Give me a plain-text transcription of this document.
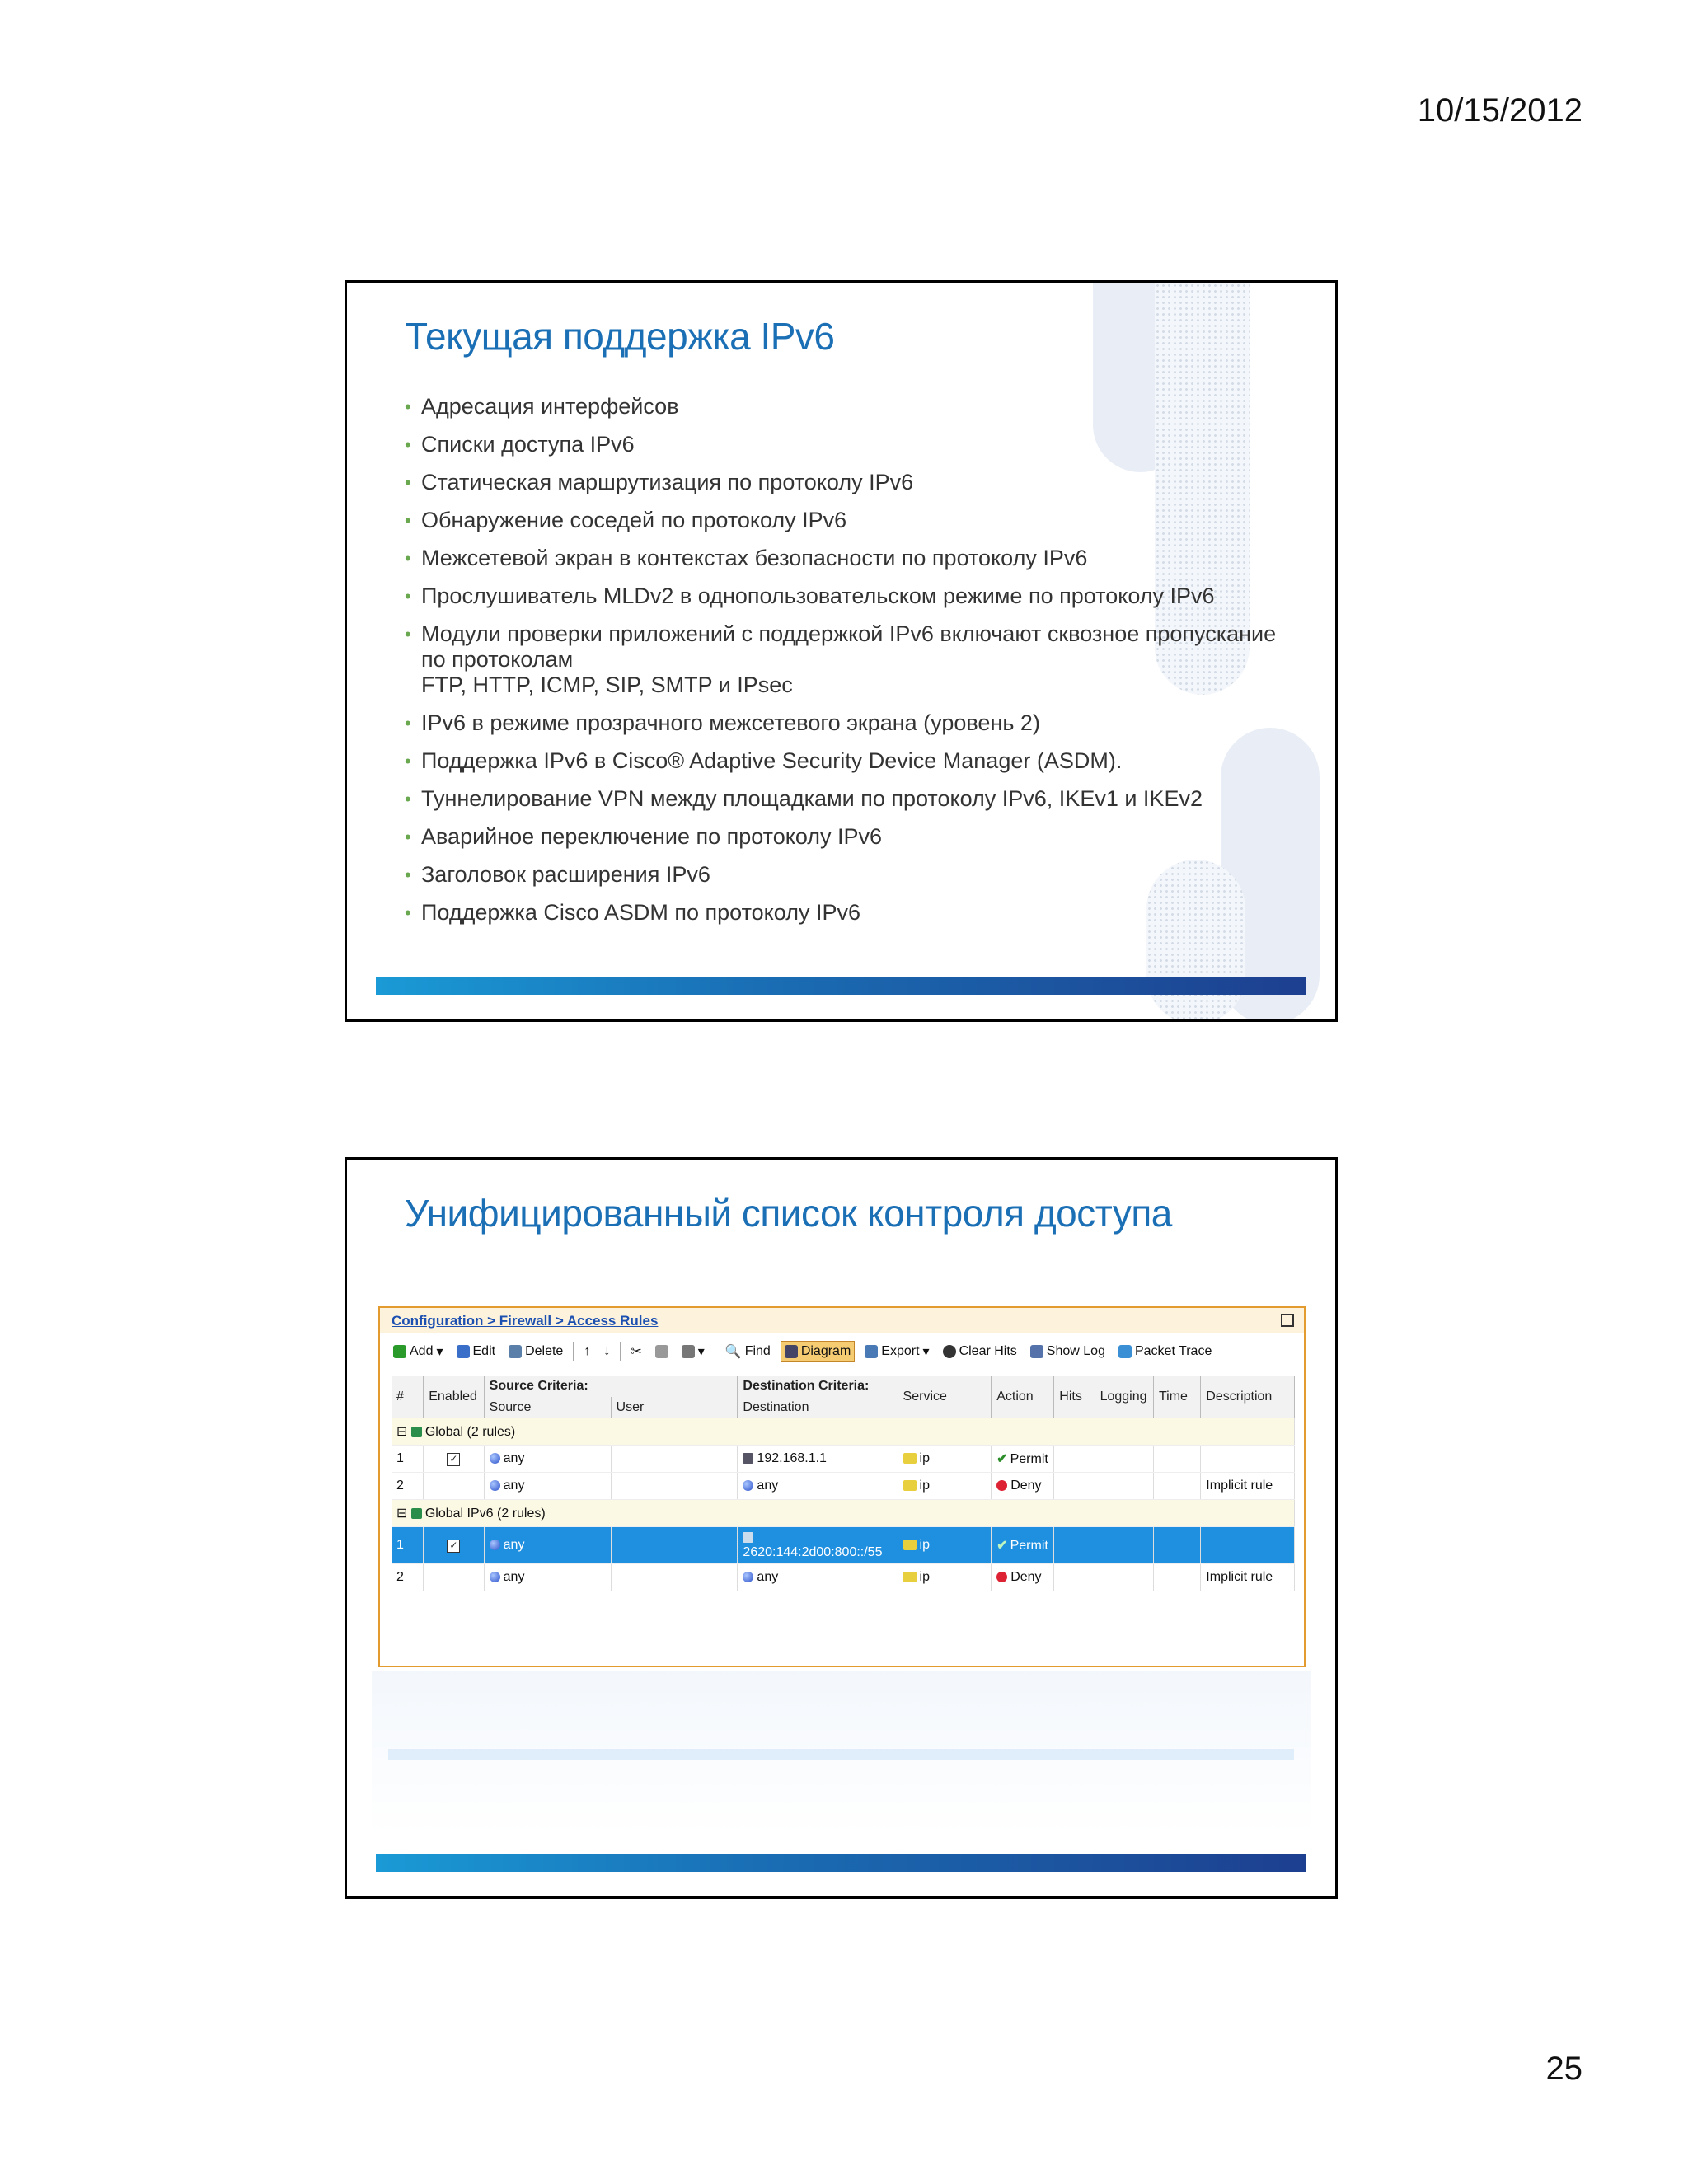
10/15/2012
Текущая поддержка IPv6
• Адресация интерфейсов
• Списки доступа IPv6
• Статическая маршрутизация по протоколу IPv6
• Обнаружение соседей по протоколу IPv6
• Межсетевой экран в контекстах безопасности по протоколу IPv6
• Прослушиватель MLDv2 в однопользовательском режиме по протоколу IPv6
• Модули проверки приложений с поддержкой IPv6 включают сквозное пропускание по протоколам
FTP, HTTP, ICMP, SIP, SMTP и IPsec
• IPv6 в режиме прозрачного межсетевого экрана (уровень 2)
• Поддержка IPv6 в Cisco® Adaptive Security Device Manager (ASDM).
• Туннелирование VPN между площадками по протоколу IPv6, IKEv1 и IKEv2
• Аварийное переключение по протоколу IPv6
• Заголовок расширения IPv6
• Поддержка Cisco ASDM по протоколу IPv6
Унифицированный список контроля доступа
Configuration > Firewall > Access Rules
Add ▾ Edit Delete ↑ ↓ ✂	▾ 🔍 Find Diagram Export ▾ Clear Hits Show Log Packet Trace
#	Enabled	Source Criteria:		Destination Criteria:	Service	Action	Hits	Logging	Time	Description
		Source	User	Destination						
⊟ Global (2 rules)										
1	✓	any		192.168.1.1	ip	✔ Permit				
2		any		any	ip	Deny				Implicit rule
⊟ Global IPv6 (2 rules)										
1	✓	any		2620:144:2d00:800::/55	ip	✔ Permit				
2		any		any	ip	Deny				Implicit rule
25
